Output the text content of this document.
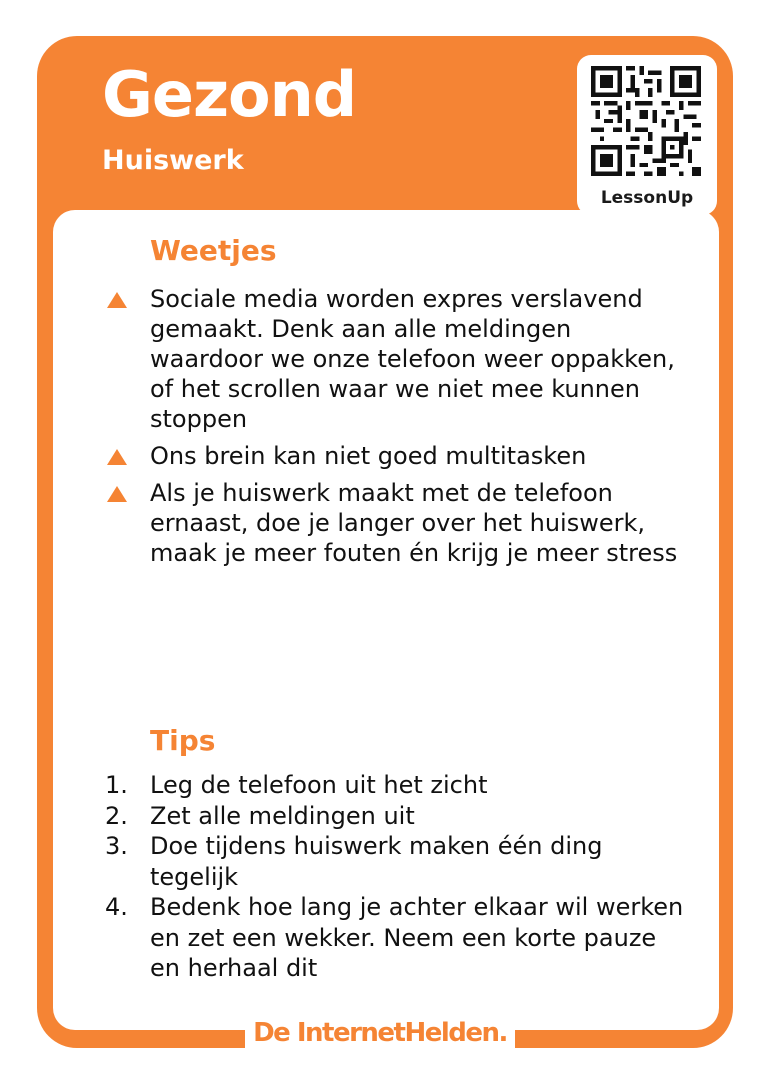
Gezond
Huiswerk
LessonUp
Weetjes
Sociale media worden expres verslavend gemaakt. Denk aan alle meldingen waardoor we onze telefoon weer oppakken, of het scrollen waar we niet mee kunnen stoppen
Ons brein kan niet goed multitasken
Als je huiswerk maakt met de telefoon ernaast, doe je langer over het huiswerk, maak je meer fouten én krijg je meer stress
Tips
1. Leg de telefoon uit het zicht
2. Zet alle meldingen uit
3. Doe tijdens huiswerk maken één ding tegelijk
4. Bedenk hoe lang je achter elkaar wil werken en zet een wekker. Neem een korte pauze en herhaal dit
De InternetHelden.
